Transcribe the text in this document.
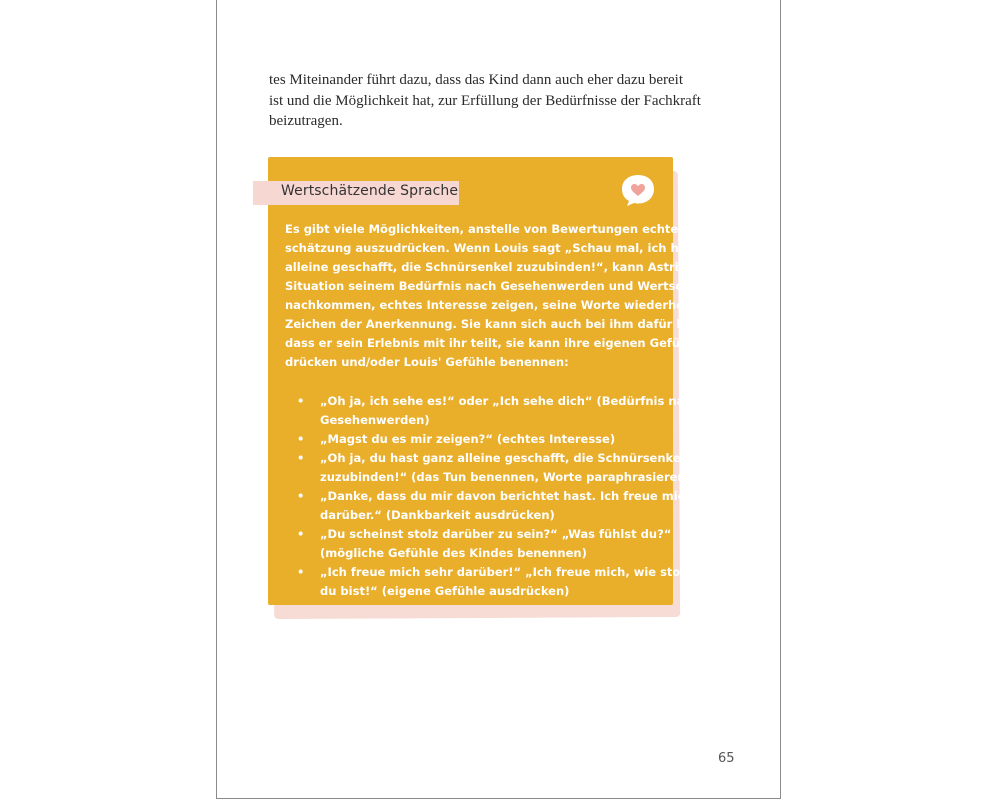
tes Miteinander führt dazu, dass das Kind dann auch eher dazu bereit

ist und die Möglichkeit hat, zur Erfüllung der Bedürfnisse der Fachkraft

beizutragen.

Wertschätzende Sprache

Es gibt viele Möglichkeiten, anstelle von Bewertungen echte Wert-

schätzung auszudrücken. Wenn Louis sagt „Schau mal, ich habe es

alleine geschafft, die Schnürsenkel zuzubinden!“, kann Astrid je nach

Situation seinem Bedürfnis nach Gesehenwerden und Wertschätzung

nachkommen, echtes Interesse zeigen, seine Worte wiederholen als

Zeichen der Anerkennung. Sie kann sich auch bei ihm dafür bedanken,

dass er sein Erlebnis mit ihr teilt, sie kann ihre eigenen Gefühle aus-

drücken und/oder Louis' Gefühle benennen:

• „Oh ja, ich sehe es!“ oder „Ich sehe dich“ (Bedürfnis nach
Gesehenwerden)
• „Magst du es mir zeigen?“ (echtes Interesse)
• „Oh ja, du hast ganz alleine geschafft, die Schnürsenkel
zuzubinden!“ (das Tun benennen, Worte paraphrasieren)
• „Danke, dass du mir davon berichtet hast. Ich freue mich
darüber.“ (Dankbarkeit ausdrücken)
• „Du scheinst stolz darüber zu sein?“ „Was fühlst du?“
(mögliche Gefühle des Kindes benennen)
• „Ich freue mich sehr darüber!“ „Ich freue mich, wie stolz
du bist!“ (eigene Gefühle ausdrücken)
65
